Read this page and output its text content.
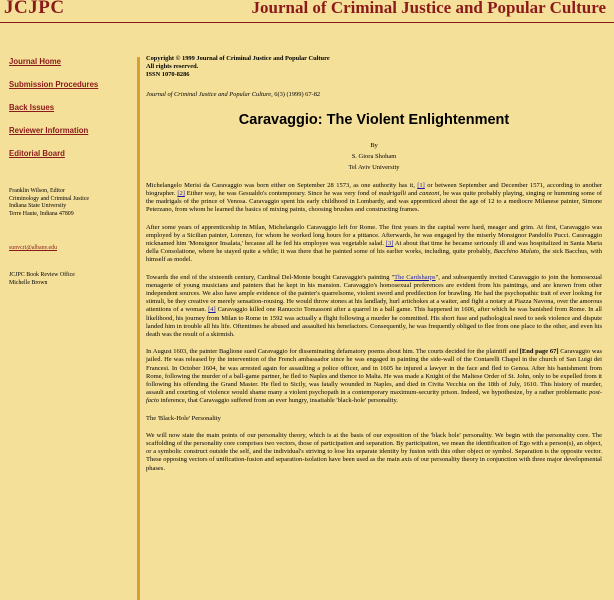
JCJPC	Journal of Criminal Justice and Popular Culture
Journal Home
Submission Procedures
Back Issues
Reviewer Information
Editorial Board
Franklin Wilson, Editor
Criminology and Criminal Justice
Indiana State University
Terre Haute, Indiana 47809
sunvcri@albany.edu
JCJPC Book Review Office
Michelle Brown
Copyright © 1999 Journal of Criminal Justice and Popular Culture
All rights reserved.
ISSN 1070-8286
Journal of Criminal Justice and Popular Culture, 6(3) (1999) 67-82
Caravaggio: The Violent Enlightenment
By
S. Giora Shoham
Tel Aviv University

Michelangelo Merisi da Caravaggio was born either on September 28 1573, as one authority has it, [1] or between September and December 1571, according to another biographer. [2] Either way, he was Gesualdo's contemporary. Since he was very fond of madrigalli and canzoni, he was quite probably playing, singing or humming some of the madrigals of the prince of Venosa. Caravaggio spent his early childhood in Lombardy, and was apprenticed about the age of 12 to a mediocre Milanese painter, Simone Peterzano, from whom he learned the basics of mixing paints, choosing brushes and constructing frames.

After some years of apprenticeship in Milan, Michelangelo Caravaggio left for Rome. The first years in the capital were hard, meager and grim. At first, Caravaggio was employed by a Sicilian painter, Lorenzo, for whom he worked long hours for a pittance. Afterwards, he was engaged by the miserly Monsignor Pandolfo Pucci. Caravaggio nicknamed him 'Monsignor Insalata,' because all he fed his employee was vegetable salad. [3] At about that time he became seriously ill and was hospitalized in Santa Maria della Consolatione, where he stayed quite a while; it was there that he painted some of his earlier works, including, quite probably, Bacchino Malato, the sick Bacchus, with himself as model.

Towards the end of the sixteenth century, Cardinal Del-Monte bought Caravaggio's painting "The Cardsharps", and subsequently invited Caravaggio to join the homosexual menagerie of young musicians and painters that he kept in his mansion. Caravaggio's homosexual preferences are evident from his paintings, and are known from other independent sources. We also have ample evidence of the painter's quarrelsome, violent sword and predilection for brawling. He had the psychopathic trait of ever looking for stimuli, be they creative or merely sensation-rousing. He would throw stones at his landlady, hurl artichokes at a waiter, and fight a notary at Piazza Navona, over the amorous attentions of a woman. [4] Caravaggio killed one Ranuccio Tomassoni after a quarrel in a ball game. This happened in 1606, after which he was banished from Rome. In all likelihood, his journey from Milan to Rome in 1592 was actually a flight following a murder he committed. His short fuse and pathological need to seek violence and dispute landed him in trouble all his life. Oftentimes he abused and assaulted his benefactors. Consequently, he was frequently obliged to flee from one place to the other, and even his death was the result of a skirmish.

In August 1603, the painter Baglione sued Caravaggio for disseminating defamatory poems about him. The courts decided for the plaintiff and [End page 67] Caravaggio was jailed. He was released by the intervention of the French ambassador since he was engaged in painting the side-wall of the Contarelli Chapel in the church of San Luigi dei Francesi. In October 1604, he was arrested again for assaulting a police officer, and in 1605 he injured a lawyer in the face and fled to Genoa. After his banishment from Rome, following the murder of a ball-game partner, he fled to Naples and thence to Malta. He was made a Knight of the Maltese Order of St. John, only to be expelled from it following his offending the Grand Master. He fled to Sicily, was fatally wounded in Naples, and died in Civita Vecchia on the 18th of July, 1610. This history of murder, assault and courting of violence would shame many a violent psychopath in a contemporary maximum-security prison. Indeed, we hypothesize, by a rather problematic post-facto inference, that Caravaggio suffered from an ever hungry, insatiable 'black-hole' personality.

The 'Black-Hole' Personality

We will now state the main points of our personality theory, which is at the basis of our exposition of the 'black hole' personality. We begin with the personality core. The scaffolding of the personality core comprises two vectors, those of participation and separation. By participation, we mean the identification of Ego with a person(s), an object, or a symbolic construct outside the self, and the individual's striving to lose his separate identity by fusion with this other object or symbol. Separation is the opposite vector. These opposing vectors of unification-fusion and separation-isolation have been used as the main axis of our personality theory in conjunction with three major developmental phases.
